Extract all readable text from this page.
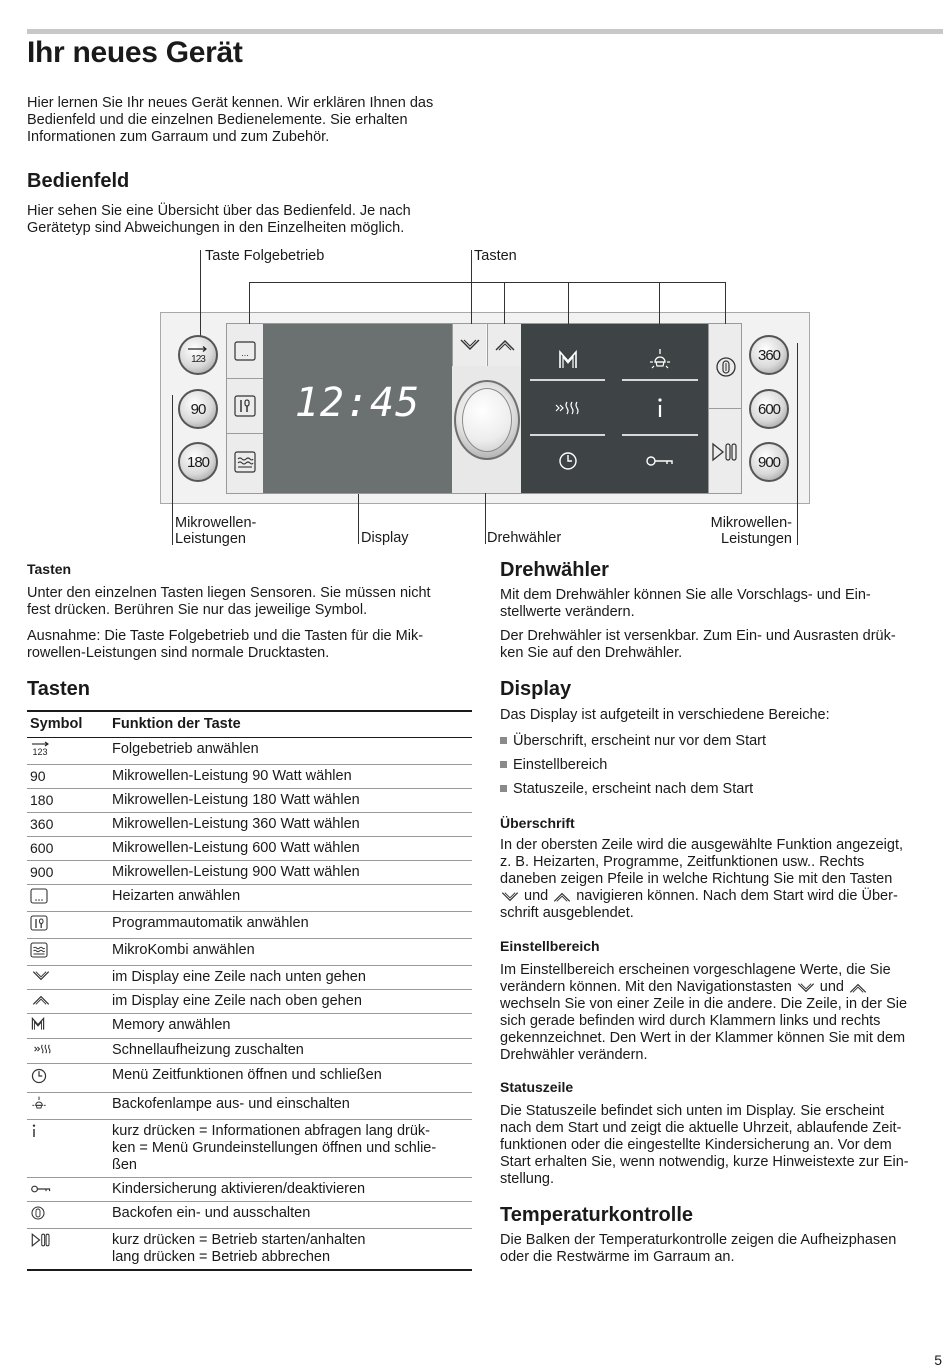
Ihr neues Gerät
Hier lernen Sie Ihr neues Gerät kennen. Wir erklären Ihnen das
Bedienfeld und die einzelnen Bedienelemente. Sie erhalten
Informationen zum Garraum und zum Zubehör.
Bedienfeld
Hier sehen Sie eine Übersicht über das Bedienfeld. Je nach
Gerätetyp sind Abweichungen in den Einzelheiten möglich.
Taste Folgebetrieb	Tasten
123
90
180
...
12:45
360
600
900
Mikrowellen-
Leistungen	Display	Drehwähler
Mikrowellen-
Leistungen
Tasten
Unter den einzelnen Tasten liegen Sensoren. Sie müssen nicht
fest drücken. Berühren Sie nur das jeweilige Symbol.
Ausnahme: Die Taste Folgebetrieb und die Tasten für die Mik-
rowellen-Leistungen sind normale Drucktasten.
Tasten
Symbol	Funktion der Taste

123	Folgebetrieb anwählen
90	Mikrowellen-Leistung 90 Watt wählen
180	Mikrowellen-Leistung 180 Watt wählen
360	Mikrowellen-Leistung 360 Watt wählen
600	Mikrowellen-Leistung 600 Watt wählen
900	Mikrowellen-Leistung 900 Watt wählen

	Heizarten anwählen

	Programmautomatik anwählen

	MikroKombi anwählen

	im Display eine Zeile nach unten gehen

	im Display eine Zeile nach oben gehen

	Memory anwählen

	Schnellaufheizung zuschalten

	Menü Zeitfunktionen öffnen und schließen

	Backofenlampe aus- und einschalten

	kurz drücken = Informationen abfragen lang drük-
ken = Menü Grundeinstellungen öffnen und schlie-
ßen

	Kindersicherung aktivieren/deaktivieren

	Backofen ein- und ausschalten

	kurz drücken = Betrieb starten/anhalten
lang drücken = Betrieb abbrechen
Drehwähler
Mit dem Drehwähler können Sie alle Vorschlags- und Ein-
stellwerte verändern.
Der Drehwähler ist versenkbar. Zum Ein- und Ausrasten drük-
ken Sie auf den Drehwähler.
Display
Das Display ist aufgeteilt in verschiedene Bereiche:
Überschrift, erscheint nur vor dem Start
Einstellbereich
Statuszeile, erscheint nach dem Start
Überschrift
In der obersten Zeile wird die ausgewählte Funktion angezeigt,
z. B. Heizarten, Programme, Zeitfunktionen usw.. Rechts
daneben zeigen Pfeile in welche Richtung Sie mit den Tasten
und navigieren können. Nach dem Start wird die Über-
schrift ausgeblendet.
Einstellbereich
Im Einstellbereich erscheinen vorgeschlagene Werte, die Sie
verändern können. Mit den Navigationstasten und
wechseln Sie von einer Zeile in die andere. Die Zeile, in der Sie
sich gerade befinden wird durch Klammern links und rechts
gekennzeichnet. Den Wert in der Klammer können Sie mit dem
Drehwähler verändern.
Statuszeile
Die Statuszeile befindet sich unten im Display. Sie erscheint
nach dem Start und zeigt die aktuelle Uhrzeit, ablaufende Zeit-
funktionen oder die eingestellte Kindersicherung an. Vor dem
Start erhalten Sie, wenn notwendig, kurze Hinweistexte zur Ein-
stellung.
Temperaturkontrolle
Die Balken der Temperaturkontrolle zeigen die Aufheizphasen
oder die Restwärme im Garraum an.
5
